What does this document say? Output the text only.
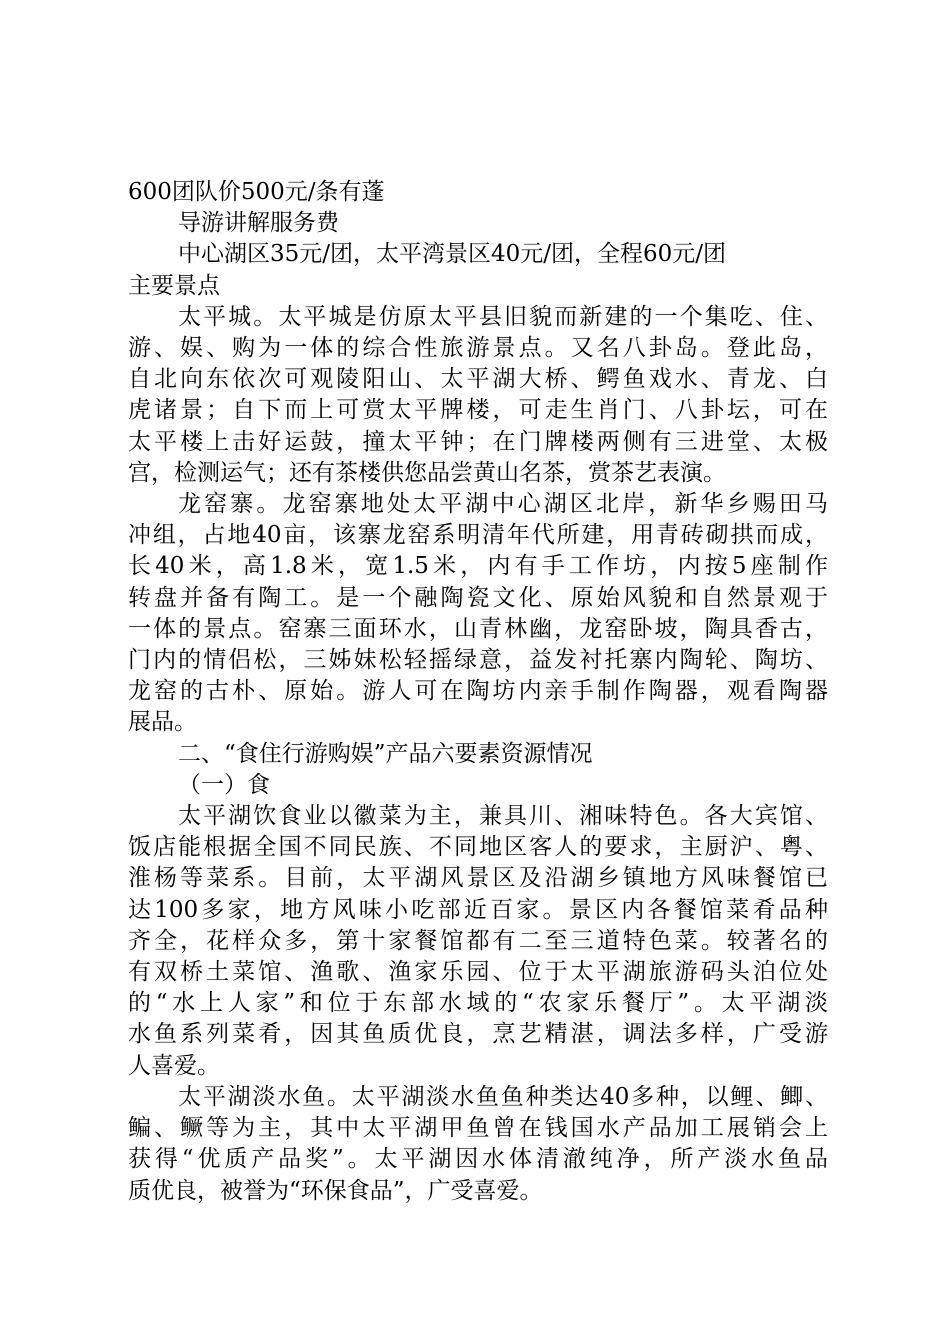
600团队价500元/条有蓬
导游讲解服务费
中心湖区35元/团，太平湾景区40元/团，全程60元/团
主要景点
太平城。太平城是仿原太平县旧貌而新建的一个集吃、住、
游、娱、购为一体的综合性旅游景点。又名八卦岛。登此岛，
自北向东依次可观陵阳山、太平湖大桥、鳄鱼戏水、青龙、白
虎诸景；自下而上可赏太平牌楼，可走生肖门、八卦坛，可在
太平楼上击好运鼓，撞太平钟；在门牌楼两侧有三进堂、太极
宫，检测运气；还有茶楼供您品尝黄山名茶，赏茶艺表演。
龙窑寨。龙窑寨地处太平湖中心湖区北岸，新华乡赐田马
冲组，占地40亩，该寨龙窑系明清年代所建，用青砖砌拱而成，
长40米，高1.8米，宽1.5米，内有手工作坊，内按5座制作
转盘并备有陶工。是一个融陶瓷文化、原始风貌和自然景观于
一体的景点。窑寨三面环水，山青林幽，龙窑卧坡，陶具香古，
门内的情侣松，三姊妹松轻摇绿意，益发衬托寨内陶轮、陶坊、
龙窑的古朴、原始。游人可在陶坊内亲手制作陶器，观看陶器
展品。
二、“食住行游购娱”产品六要素资源情况
（一）食
太平湖饮食业以徽菜为主，兼具川、湘味特色。各大宾馆、
饭店能根据全国不同民族、不同地区客人的要求，主厨沪、粤、
淮杨等菜系。目前，太平湖风景区及沿湖乡镇地方风味餐馆已
达100多家，地方风味小吃部近百家。景区内各餐馆菜肴品种
齐全，花样众多，第十家餐馆都有二至三道特色菜。较著名的
有双桥土菜馆、渔歌、渔家乐园、位于太平湖旅游码头泊位处
的“水上人家”和位于东部水域的“农家乐餐厅”。太平湖淡
水鱼系列菜肴，因其鱼质优良，烹艺精湛，调法多样，广受游
人喜爱。
太平湖淡水鱼。太平湖淡水鱼鱼种类达40多种，以鲤、鲫、
鳊、鳜等为主，其中太平湖甲鱼曾在钱国水产品加工展销会上
获得“优质产品奖”。太平湖因水体清澈纯净，所产淡水鱼品
质优良，被誉为“环保食品”，广受喜爱。
